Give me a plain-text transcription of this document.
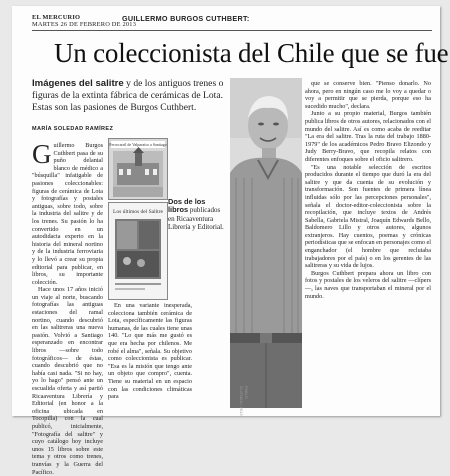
EL MERCURIO
MARTES 26 DE FEBRERO DE 2013
GUILLERMO BURGOS CUTHBERT:
Un coleccionista del Chile que se fue
Imágenes del salitre y de los antiguos trenes o figuras de la extinta fábrica de cerámicas de Lota. Estas son las pasiones de Burgos Cuthbert.
MARÍA SOLEDAD RAMÍREZ

Guillermo Burgos Cuthbert pasa de su puño delantal blanco de médico a "búsquilla" infatigable de pasiones coleccionables: figuras de cerámica de Lota y fotografías y postales antiguas, sobre todo, sobre la industria del salitre y de los trenes. Su pasión lo ha convertido en un autodidacta experto en la historia del mineral nortino y de la industria ferroviaria y lo llevó a crear su propia editorial para publicar, en libros, su importante colección.

Hace unos 17 años inició un viaje al norte, buscando fotografías las antiguas estaciones del ramal nortino, cuando descubrió en las salitreras una nueva pasión. Volvió a Santiago esperanzado en encontrar libros —sobre todo fotográficos— de éstas, cuando descubrió que no había casi nada. "Si no hay, yo lo hago" pensó ante un escualida oferta y así partió Ricaaventura Librería y Editorial (en honor a la oficina ubicada en Tocopilla) con la cual publicó, inicialmente, "Fotografía del salitre" y cuyo catálogo hoy incluye unos 15 libros sobre este tema y otros como trenes, tranvías y la Guerra del Pacífico.

Ferrocarril de Valparaíso a Santiago
Los últimos del Salitre
Dos de los libros publicados en Ricaaventura Librería y Editorial.

En una variante inesperada, colecciona también cerámica de Lota, específicamente las figuras humanas, de las cuales tiene unas 140. "Lo que más me gustó es que era hecha por chilenos. Me robé el alma", señala. Su objetivo como coleccionista es publicar. "Esa es la misión que tengo ante un objeto que compro", cuenta. Tiene su material en un espacio con las condiciones climáticas para	PABLO GUZMÁN / 2013

que se conserve bien. "Pienso donarlo. No ahora, pero en ningún caso me lo voy a quedar o voy a permitir que se pierda, porque eso ha sucedido mucho", declara.

Junto a su propio material, Burgos también publica libros de otros autores, relacionados con el mundo del salitre. Así es como acaba de reeditar "La era del salitre. Tras la ruta del trabajo 1880-1979" de los académicos Pedro Bravo Elizondo y Judy Berry-Bravo, que recopila relatos con diferentes enfoques sobre el oficio salitrero.

"Es una notable selección de escritos producidos durante el tiempo que duró la era del salitre y que da cuenta de su evolución y transformación. Son fuentes de primera línea influidas sólo por las percepciones personales", señala el doctor-editor-coleccionista sobre la recopilación, que incluye textos de Andrés Sabella, Gabriela Mistral, Joaquín Edwards Bello, Baldomero Lillo y otros autores, algunos extranjeros. Hay cuentos, poemas y crónicas periodísticas que se enfocan en personajes como el enganchador (el hombre que reclutaba trabajadores por el país) o en los gerentes de las salitreras y su vida de lujos.

Burgos Cuthbert prepara ahora un libro con fotos y postales de los veleros del salitre —clípers—, las naves que transportaban el mineral por el mundo.
